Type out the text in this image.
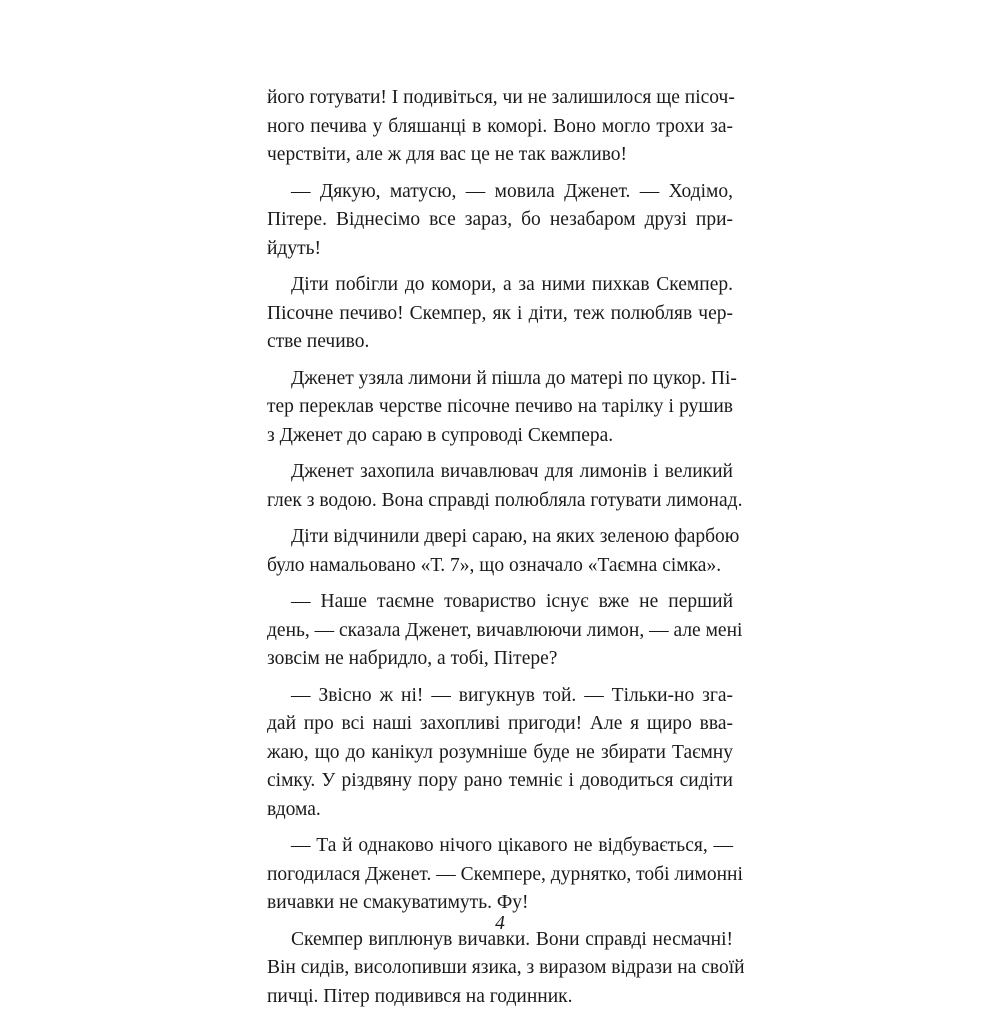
його готувати! І подивіться, чи не залишилося ще пісоч-
ного печива у бляшанці в коморі. Воно могло трохи за-
черствіти, але ж для вас це не так важливо!
— Дякую, матусю, — мовила Дженет. — Ходімо,
Пітере. Віднесімо все зараз, бо незабаром друзі при-
йдуть!
Діти побігли до комори, а за ними пихкав Скемпер.
Пісочне печиво! Скемпер, як і діти, теж полюбляв чер-
стве печиво.
Дженет узяла лимони й пішла до матері по цукор. Пі-
тер переклав черстве пісочне печиво на тарілку і рушив
з Дженет до сараю в супроводі Скемпера.
Дженет захопила вичавлювач для лимонів і великий
глек з водою. Вона справді полюбляла готувати лимонад.
Діти відчинили двері сараю, на яких зеленою фарбою
було намальовано «Т. 7», що означало «Таємна сімка».
— Наше таємне товариство існує вже не перший
день, — сказала Дженет, вичавлюючи лимон, — але мені
зовсім не набридло, а тобі, Пітере?
— Звісно ж ні! — вигукнув той. — Тільки-но зга-
дай про всі наші захопливі пригоди! Але я щиро вва-
жаю, що до канікул розумніше буде не збирати Таємну
сімку. У різдвяну пору рано темніє і доводиться сидіти
вдома.
— Та й однаково нічого цікавого не відбувається, —
погодилася Дженет. — Скемпере, дурнятко, тобі лимонні
вичавки не смакуватимуть. Фу!
Скемпер виплюнув вичавки. Вони справді несмачні!
Він сидів, висолопивши язика, з виразом відрази на своїй
пичці. Пітер подивився на годинник.
4
